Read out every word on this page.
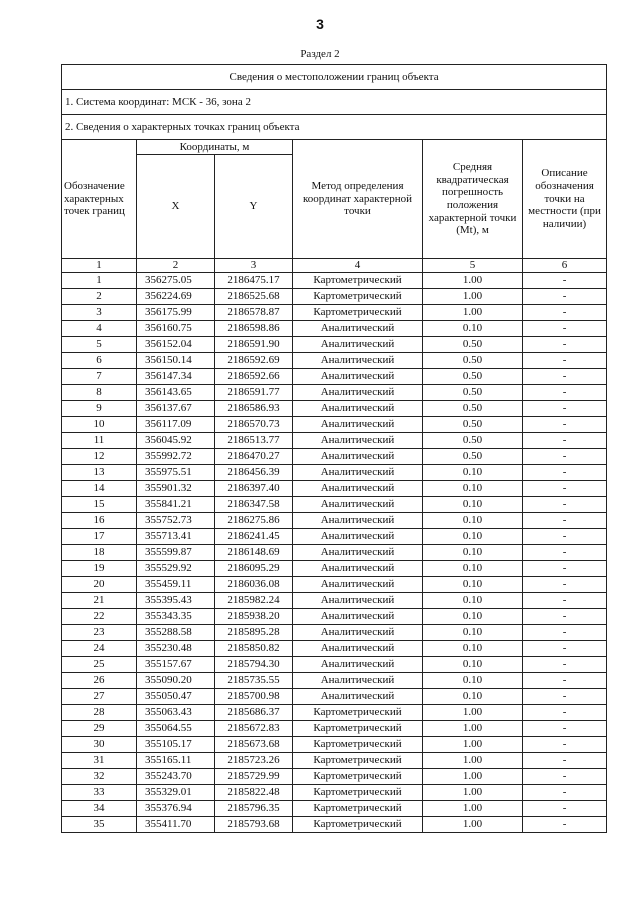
3
Раздел 2
Сведения о местоположении границ объекта					
1. Система координат: МСК - 36, зона 2					
2. Сведения о характерных точках границ объекта					
Обозначение характерных точек границ	Координаты, м		Метод определения координат характерной точки	Средняя квадратическая погрешность положения характерной точки (Mt), м	Описание обозначения точки на местности (при наличии)
	X	Y			
1	2	3	4	5	6
1	356275.05	2186475.17	Картометрический	1.00	-
2	356224.69	2186525.68	Картометрический	1.00	-
3	356175.99	2186578.87	Картометрический	1.00	-
4	356160.75	2186598.86	Аналитический	0.10	-
5	356152.04	2186591.90	Аналитический	0.50	-
6	356150.14	2186592.69	Аналитический	0.50	-
7	356147.34	2186592.66	Аналитический	0.50	-
8	356143.65	2186591.77	Аналитический	0.50	-
9	356137.67	2186586.93	Аналитический	0.50	-
10	356117.09	2186570.73	Аналитический	0.50	-
11	356045.92	2186513.77	Аналитический	0.50	-
12	355992.72	2186470.27	Аналитический	0.50	-
13	355975.51	2186456.39	Аналитический	0.10	-
14	355901.32	2186397.40	Аналитический	0.10	-
15	355841.21	2186347.58	Аналитический	0.10	-
16	355752.73	2186275.86	Аналитический	0.10	-
17	355713.41	2186241.45	Аналитический	0.10	-
18	355599.87	2186148.69	Аналитический	0.10	-
19	355529.92	2186095.29	Аналитический	0.10	-
20	355459.11	2186036.08	Аналитический	0.10	-
21	355395.43	2185982.24	Аналитический	0.10	-
22	355343.35	2185938.20	Аналитический	0.10	-
23	355288.58	2185895.28	Аналитический	0.10	-
24	355230.48	2185850.82	Аналитический	0.10	-
25	355157.67	2185794.30	Аналитический	0.10	-
26	355090.20	2185735.55	Аналитический	0.10	-
27	355050.47	2185700.98	Аналитический	0.10	-
28	355063.43	2185686.37	Картометрический	1.00	-
29	355064.55	2185672.83	Картометрический	1.00	-
30	355105.17	2185673.68	Картометрический	1.00	-
31	355165.11	2185723.26	Картометрический	1.00	-
32	355243.70	2185729.99	Картометрический	1.00	-
33	355329.01	2185822.48	Картометрический	1.00	-
34	355376.94	2185796.35	Картометрический	1.00	-
35	355411.70	2185793.68	Картометрический	1.00	-
